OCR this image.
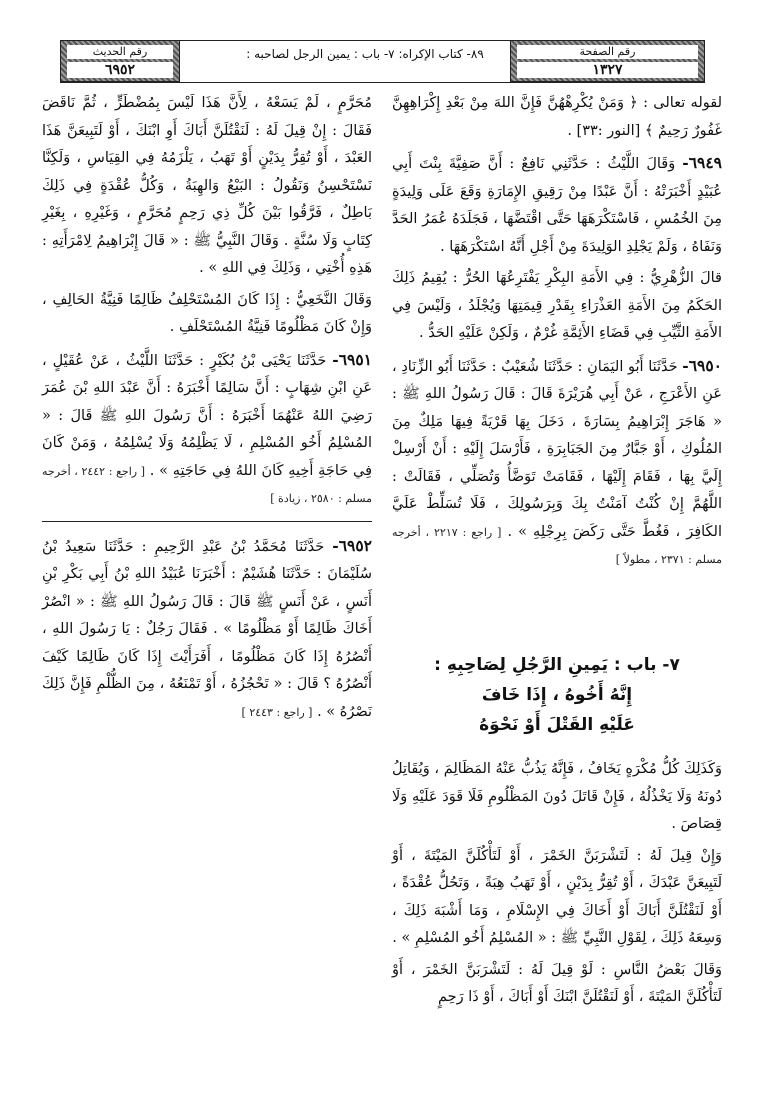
رقم الصفحة
١٣٢٧
رقم الحديث
٦٩٥٢
٨٩- كتاب الإكراه: ٧- باب : يمين الرجل لصاحبه :

لقوله تعالى : ﴿ وَمَنْ يُكْرِهْهُنَّ فَإِنَّ اللهَ مِنْ بَعْدِ إِكْرَاهِهِنَّ غَفُورٌ رَحِيمٌ ﴾ [النور :٣٣] .

٦٩٤٩- وَقَالَ اللَّيْثُ : حَدَّثَنِي نَافِعٌ : أَنَّ صَفِيَّةَ بِنْتَ أَبِي عُبَيْدٍ أَخْبَرَتْهُ : أَنَّ عَبْدًا مِنْ رَقِيقِ الإِمَارَةِ وَقَعَ عَلَى وَلِيدَةٍ مِنَ الخُمُسِ ، فَاسْتَكْرَهَهَا حَتَّى اقْتَضَّهَا ، فَجَلَدَهُ عُمَرُ الحَدَّ وَنَفَاهُ ، وَلَمْ يَجْلِدِ الوَلِيدَةَ مِنْ أَجْلِ أَنَّهُ اسْتَكْرَهَهَا .

قالَ الزُّهْرِيُّ : فِي الأَمَةِ البِكْرِ يَفْتَرِعُهَا الحُرُّ : يُقِيمُ ذَلِكَ الحَكَمُ مِنَ الأَمَةِ العَذْرَاءِ بِقَدْرِ قِيمَتِهَا وَيُجْلَدُ ، وَلَيْسَ فِي الأَمَةِ الثَّيِّبِ فِي قَضَاءِ الأَئِمَّةِ غُرْمٌ ، وَلَكِنْ عَلَيْهِ الحَدُّ .

٦٩٥٠- حَدَّثَنَا أَبُو اليَمَانِ : حَدَّثَنَا شُعَيْبٌ : حَدَّثَنَا أَبُو الزِّنَادِ ، عَنِ الأَعْرَجِ ، عَنْ أَبِي هُرَيْرَةَ قَالَ : قَالَ رَسُولُ اللهِ ﷺ : « هَاجَرَ إِبْرَاهِيمُ بِسَارَةَ ، دَخَلَ بِهَا قَرْيَةً فِيهَا مَلِكٌ مِنَ المُلُوكِ ، أَوْ جَبَّارٌ مِنَ الجَبَابِرَةِ ، فَأَرْسَلَ إِلَيْهِ : أَنْ أَرْسِلْ إِلَيَّ بِهَا ، فَقَامَ إِلَيْهَا ، فَقَامَتْ تَوَضَّأُ وَتُصَلِّي ، فَقَالَتْ : اللَّهُمَّ إِنْ كُنْتُ آمَنْتُ بِكَ وَبِرَسُولِكَ ، فَلَا تُسَلِّطْ عَلَيَّ الكَافِرَ ، فَغُطَّ حَتَّى رَكَضَ بِرِجْلِهِ » . [ راجع : ٢٢١٧ ، أخرجه مسلم : ٢٣٧١ ، مطولاً ]

٧- باب : يَمِينِ الرَّجُلِ لِصَاحِبِهِ :
إِنَّهُ أَخُوهُ ، إِذَا خَافَ
عَلَيْهِ القَتْلَ أَوْ نَحْوَهُ

وَكَذَلِكَ كُلُّ مُكْرَهٍ يَخَافُ ، فَإِنَّهُ يَذُبُّ عَنْهُ المَظَالِمَ ، وَيُقَاتِلُ دُونَهُ وَلَا يَخْذُلُهُ ، فَإِنْ قَاتَلَ دُونَ المَظْلُومِ فَلَا قَوَدَ عَلَيْهِ وَلَا قِصَاصَ .

وَإِنْ قِيلَ لَهُ : لَتَشْرَبَنَّ الخَمْرَ ، أَوْ لَتَأْكُلَنَّ المَيْتَةَ ، أَوْ لَتَبِيعَنَّ عَبْدَكَ ، أَوْ تُقِرُّ بِدَيْنٍ ، أَوْ تَهَبُ هِبَةً ، وَتَحُلُّ عُقْدَةً ، أَوْ لَنَقْتُلَنَّ أَبَاكَ أَوْ أَخَاكَ فِي الإِسْلَامِ ، وَمَا أَشْبَهَ ذَلِكَ ، وَسِعَهُ ذَلِكَ ، لِقَوْلِ النَّبِيِّ ﷺ : « المُسْلِمُ أَخُو المُسْلِمِ » .

وَقَالَ بَعْضُ النَّاسِ : لَوْ قِيلَ لَهُ : لَتَشْرَبَنَّ الخَمْرَ ، أَوْ لَتَأْكُلَنَّ المَيْتَةَ ، أَوْ لَنَقْتُلَنَّ ابْنَكَ أَوْ أَبَاكَ ، أَوْ ذَا رَحِمٍ

مُحَرَّمٍ ، لَمْ يَسَعْهُ ، لِأَنَّ هَذَا لَيْسَ بِمُضْطَرٍّ ، ثُمَّ نَاقَضَ فَقَالَ : إِنْ قِيلَ لَهُ : لَنَقْتُلَنَّ أَبَاكَ أَوِ ابْنَكَ ، أَوْ لَتَبِيعَنَّ هَذَا العَبْدَ ، أَوْ تُقِرُّ بِدَيْنٍ أَوْ تَهَبُ ، يَلْزَمُهُ فِي القِيَاسِ ، وَلَكِنَّا نَسْتَحْسِنُ وَنَقُولُ : البَيْعُ وَالهِبَةُ ، وَكُلُّ عُقْدَةٍ فِي ذَلِكَ بَاطِلٌ ، فَرَّقُوا بَيْنَ كُلِّ ذِي رَحِمٍ مُحَرَّمٍ ، وَغَيْرِهِ ، بِغَيْرِ كِتَابٍ وَلَا سُنَّةٍ . وَقَالَ النَّبِيُّ ﷺ : « قَالَ إِبْرَاهِيمُ لِامْرَأَتِهِ : هَذِهِ أُخْتِي ، وَذَلِكَ فِي اللهِ » .

وَقَالَ النَّخَعِيُّ : إِذَا كَانَ المُسْتَحْلِفُ ظَالِمًا فَنِيَّةُ الحَالِفِ ، وَإِنْ كَانَ مَظْلُومًا فَنِيَّةُ المُسْتَحْلَفِ .

٦٩٥١- حَدَّثَنَا يَحْيَى بْنُ بُكَيْرٍ : حَدَّثَنَا اللَّيْثُ ، عَنْ عُقَيْلٍ ، عَنِ ابْنِ شِهَابٍ : أَنَّ سَالِمًا أَخْبَرَهُ : أَنَّ عَبْدَ اللهِ بْنَ عُمَرَ رَضِيَ اللهُ عَنْهُمَا أَخْبَرَهُ : أَنَّ رَسُولَ اللهِ ﷺ قَالَ : « المُسْلِمُ أَخُو المُسْلِمِ ، لَا يَظْلِمُهُ وَلَا يُسْلِمُهُ ، وَمَنْ كَانَ فِي حَاجَةِ أَخِيهِ كَانَ اللهُ فِي حَاجَتِهِ » . [ راجع : ٢٤٤٢ ، أخرجه مسلم : ٢٥٨٠ ، زيادة ]

٦٩٥٢- حَدَّثَنَا مُحَمَّدُ بْنُ عَبْدِ الرَّحِيمِ : حَدَّثَنَا سَعِيدُ بْنُ سُلَيْمَانَ : حَدَّثَنَا هُشَيْمٌ : أَخْبَرَنَا عُبَيْدُ اللهِ بْنُ أَبِي بَكْرِ بْنِ أَنَسٍ ، عَنْ أَنَسٍ ﷺ قَالَ : قَالَ رَسُولُ اللهِ ﷺ : « انْصُرْ أَخَاكَ ظَالِمًا أَوْ مَظْلُومًا » . فَقَالَ رَجُلٌ : يَا رَسُولَ اللهِ ، أَنْصُرُهُ إِذَا كَانَ مَظْلُومًا ، أَفَرَأَيْتَ إِذَا كَانَ ظَالِمًا كَيْفَ أَنْصُرُهُ ؟ قَالَ : « تَحْجُزُهُ ، أَوْ تَمْنَعُهُ ، مِنَ الظُّلْمِ فَإِنَّ ذَلِكَ نَصْرُهُ » . [ راجع : ٢٤٤٣ ]
